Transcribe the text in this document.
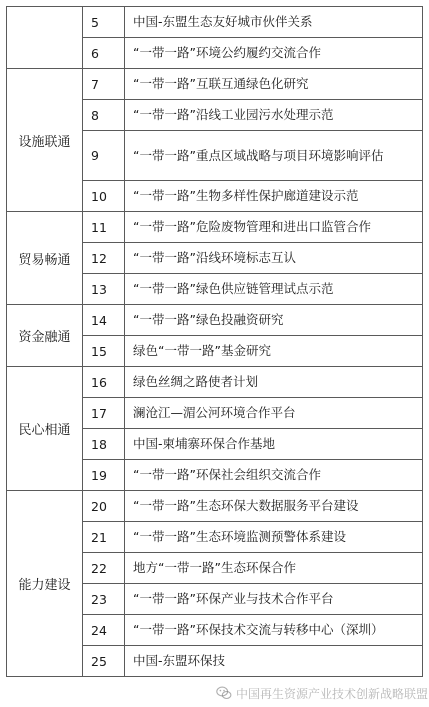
	5	中国-东盟生态友好城市伙伴关系
	6	“一带一路”环境公约履约交流合作
设施联通	7	“一带一路”互联互通绿色化研究
	8	“一带一路”沿线工业园污水处理示范
	9	“一带一路”重点区域战略与项目环境影响评估
	10	“一带一路”生物多样性保护廊道建设示范
贸易畅通	11	“一带一路”危险废物管理和进出口监管合作
	12	“一带一路”沿线环境标志互认
	13	“一带一路”绿色供应链管理试点示范
资金融通	14	“一带一路”绿色投融资研究
	15	绿色“一带一路”基金研究
民心相通	16	绿色丝绸之路使者计划
	17	澜沧江—湄公河环境合作平台
	18	中国-柬埔寨环保合作基地
	19	“一带一路”环保社会组织交流合作
能力建设	20	“一带一路”生态环保大数据服务平台建设
	21	“一带一路”生态环境监测预警体系建设
	22	地方“一带一路”生态环保合作
	23	“一带一路”环保产业与技术合作平台
	24	“一带一路”环保技术交流与转移中心（深圳）
	25	中国-东盟环保技
中国再生资源产业技术创新战略联盟
